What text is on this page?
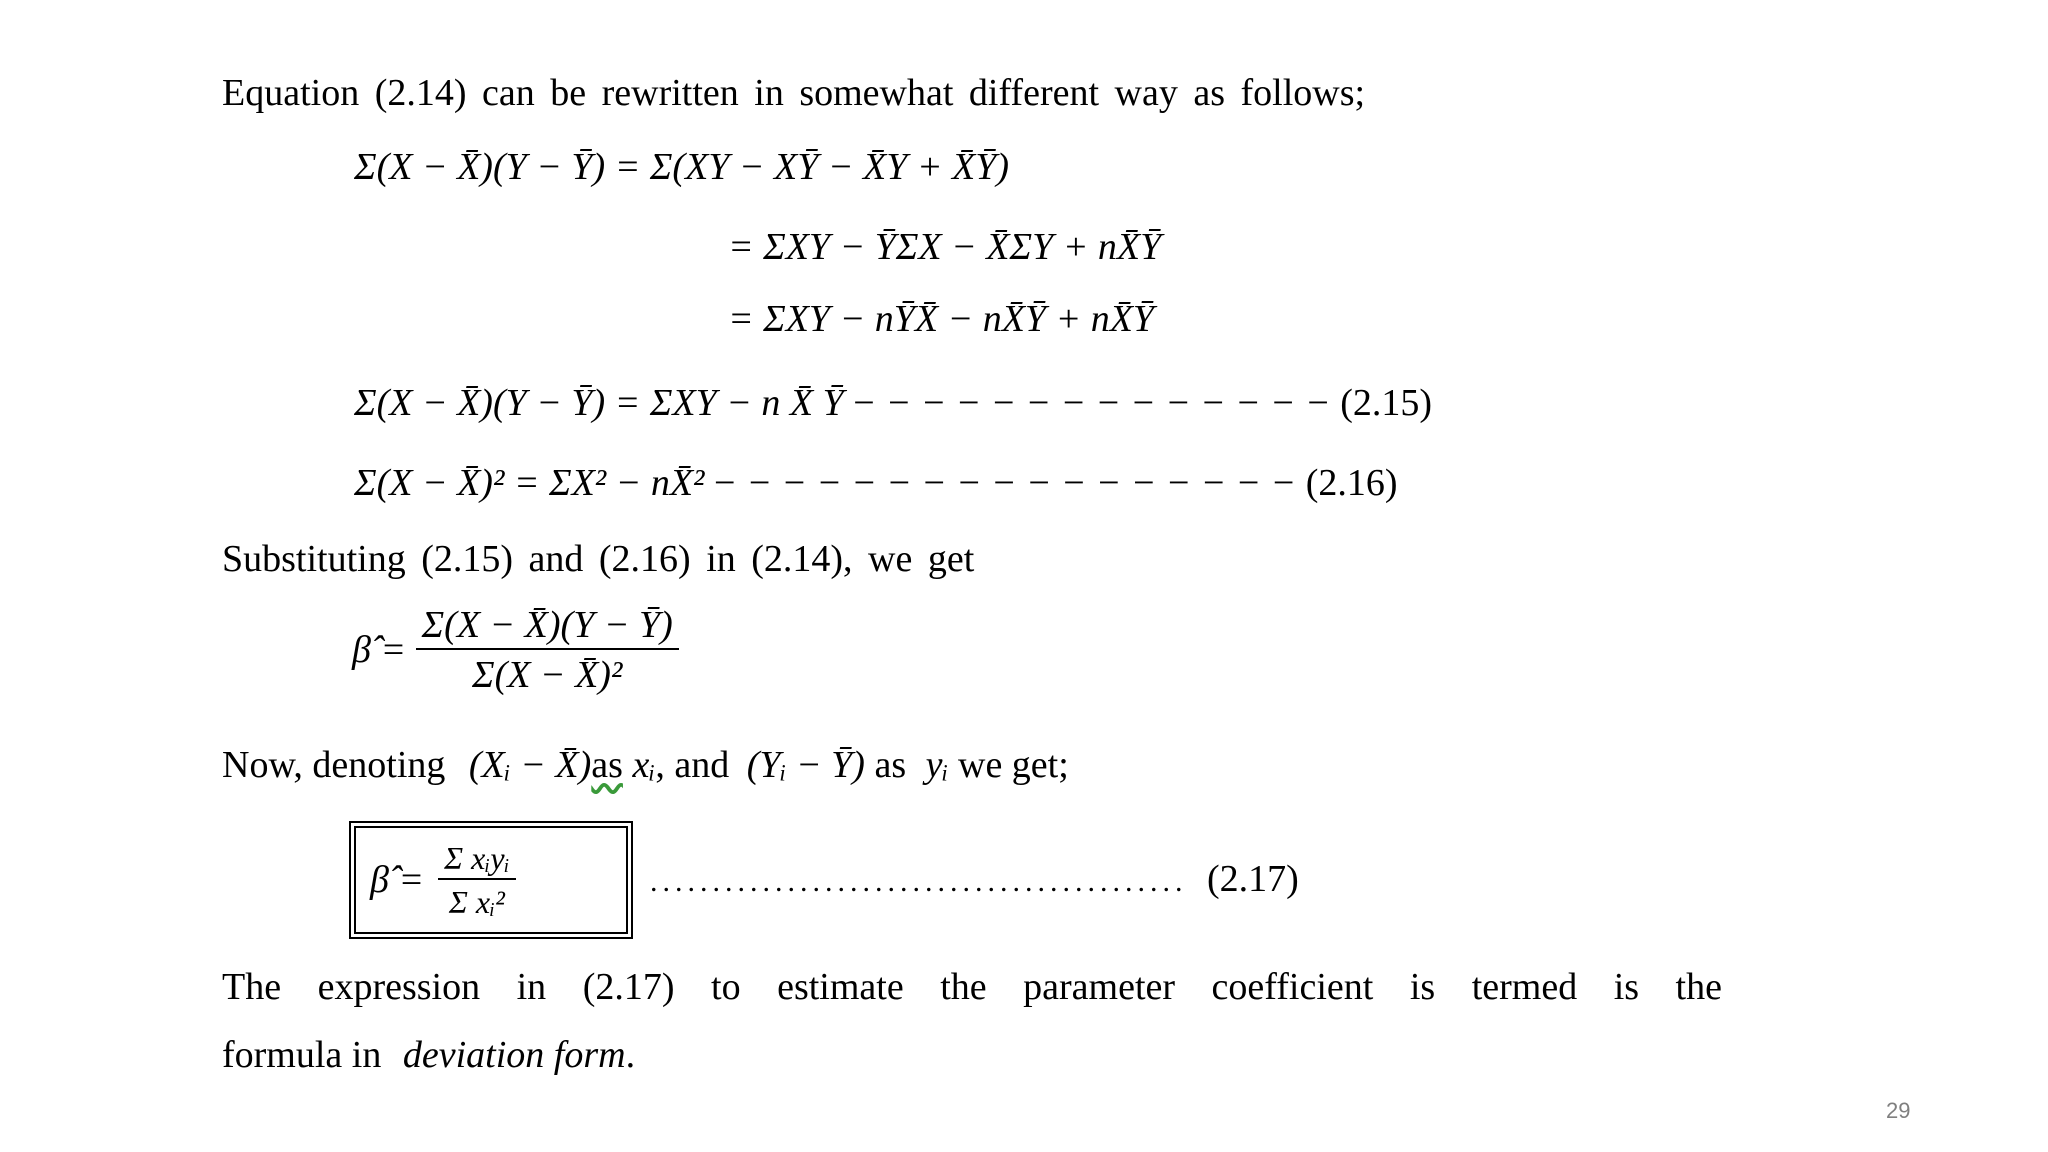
Equation (2.14) can be rewritten in somewhat different way as follows;
Σ(X − X̄)(Y − Ȳ) = Σ(XY − XȲ − X̄Y + X̄Ȳ)
= ΣXY − ȲΣX − X̄ΣY + nX̄Ȳ
= ΣXY − nȲX̄ − nX̄Ȳ + nX̄Ȳ
Σ(X − X̄)(Y − Ȳ) = ΣXY − n X̄ Ȳ − − − − − − − − − − − − − − (2.15)
Σ(X − X̄)² = ΣX² − nX̄² − − − − − − − − − − − − − − − − − (2.16)
Substituting (2.15) and (2.16) in (2.14), we get
β̂ = $\frac{\Sigma(X - X̄)(Y - Ȳ)}{\text{Σ(X − X̄)²}}$
Now, denoting (Xᵢ − X̄)as xᵢ, and (Yᵢ − Ȳ) as yᵢ we get;
β̂ = $\frac{\text{Σ xᵢyᵢ}}{\text{Σ xᵢ²}}$	........................................... (2.17)
The expression in (2.17) to estimate the parameter coefficient is termed is the
formula in deviation form.
29
